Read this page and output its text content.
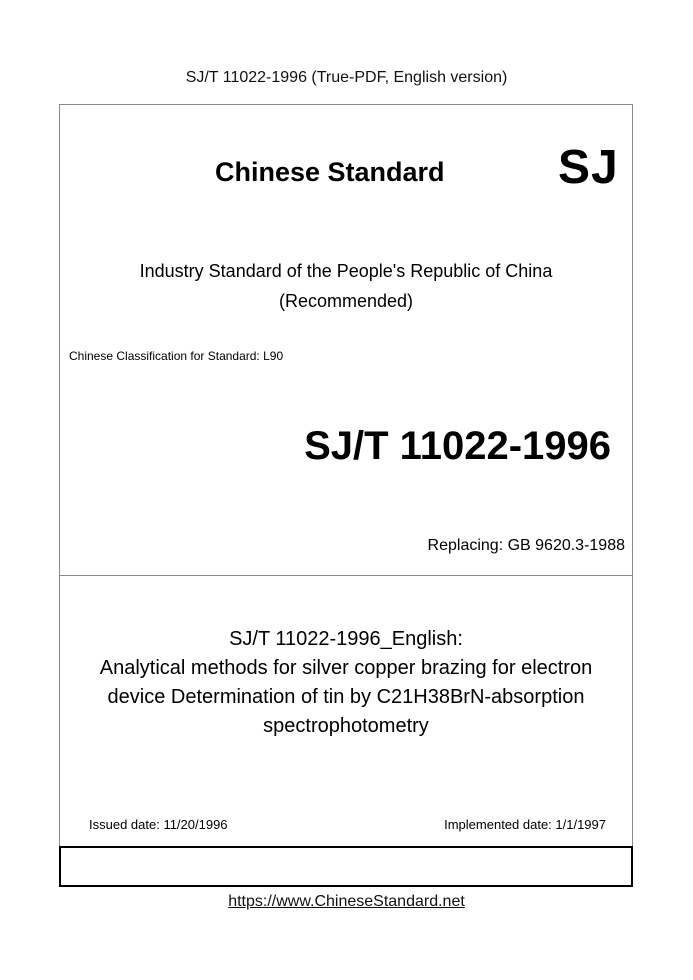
SJ/T 11022-1996 (True-PDF, English version)
Chinese Standard SJ
Industry Standard of the People's Republic of China
(Recommended)
Chinese Classification for Standard: L90
SJ/T 11022-1996
Replacing: GB 9620.3-1988
SJ/T 11022-1996_English:
Analytical methods for silver copper brazing for electron
device Determination of tin by C21H38BrN-absorption
spectrophotometry
Issued date: 11/20/1996	Implemented date: 1/1/1997
https://www.ChineseStandard.net
